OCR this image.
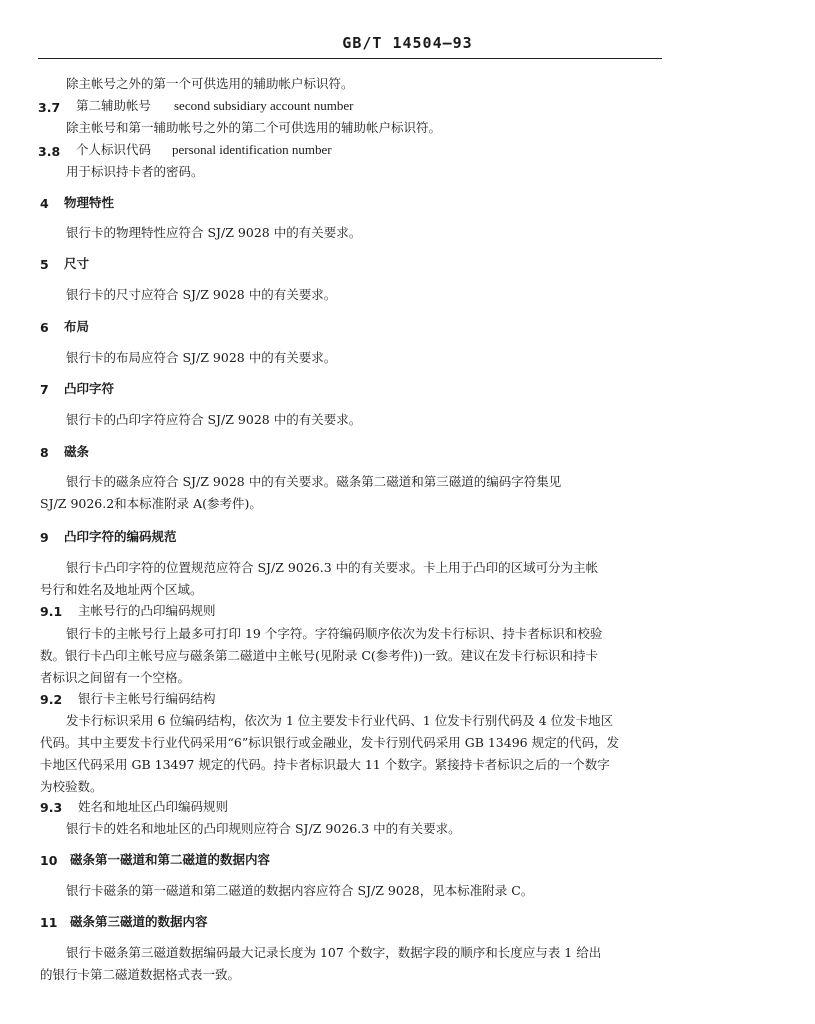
GB/T 14504—93
除主帐号之外的第一个可供选用的辅助帐户标识符。
3.7 第二辅助帐号 second subsidiary account number
除主帐号和第一辅助帐号之外的第二个可供选用的辅助帐户标识符。
3.8 个人标识代码 personal identification number
用于标识持卡者的密码。
4 物理特性
银行卡的物理特性应符合 SJ/Z 9028 中的有关要求。
5 尺寸
银行卡的尺寸应符合 SJ/Z 9028 中的有关要求。
6 布局
银行卡的布局应符合 SJ/Z 9028 中的有关要求。
7 凸印字符
银行卡的凸印字符应符合 SJ/Z 9028 中的有关要求。
8 磁条
银行卡的磁条应符合 SJ/Z 9028 中的有关要求。磁条第二磁道和第三磁道的编码字符集见
SJ/Z 9026.2和本标准附录 A(参考件)。
9 凸印字符的编码规范
银行卡凸印字符的位置规范应符合 SJ/Z 9026.3 中的有关要求。卡上用于凸印的区域可分为主帐
号行和姓名及地址两个区域。
9.1 主帐号行的凸印编码规则
银行卡的主帐号行上最多可打印 19 个字符。字符编码顺序依次为发卡行标识、持卡者标识和校验
数。银行卡凸印主帐号应与磁条第二磁道中主帐号(见附录 C(参考件))一致。建议在发卡行标识和持卡
者标识之间留有一个空格。
9.2 银行卡主帐号行编码结构
发卡行标识采用 6 位编码结构，依次为 1 位主要发卡行业代码、1 位发卡行别代码及 4 位发卡地区
代码。其中主要发卡行业代码采用“6”标识银行或金融业，发卡行别代码采用 GB 13496 规定的代码，发
卡地区代码采用 GB 13497 规定的代码。持卡者标识最大 11 个数字。紧接持卡者标识之后的一个数字
为校验数。
9.3 姓名和地址区凸印编码规则
银行卡的姓名和地址区的凸印规则应符合 SJ/Z 9026.3 中的有关要求。
10 磁条第一磁道和第二磁道的数据内容
银行卡磁条的第一磁道和第二磁道的数据内容应符合 SJ/Z 9028，见本标准附录 C。
11 磁条第三磁道的数据内容
银行卡磁条第三磁道数据编码最大记录长度为 107 个数字，数据字段的顺序和长度应与表 1 给出
的银行卡第二磁道数据格式表一致。
